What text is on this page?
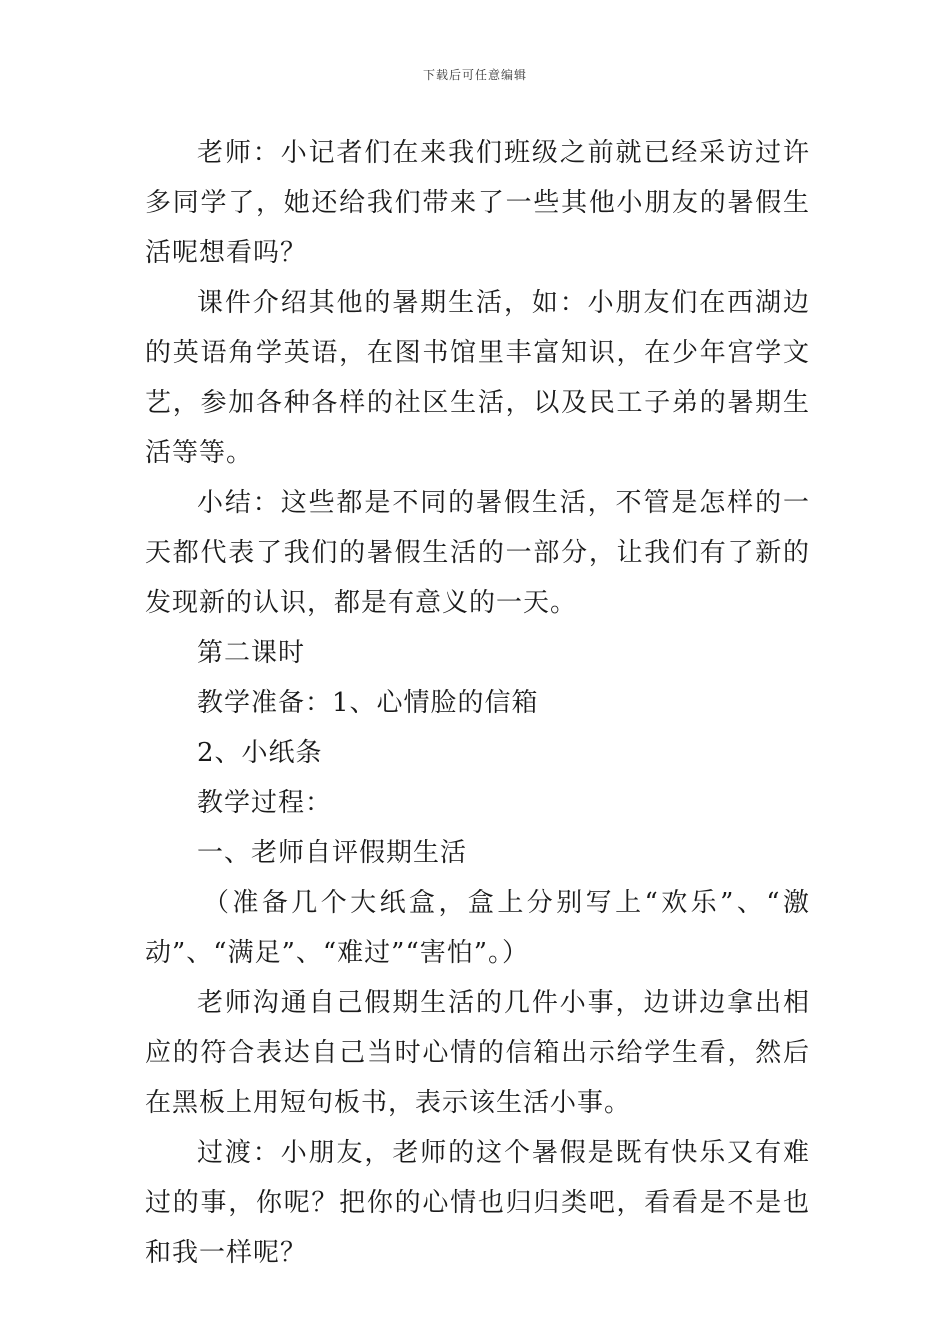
下载后可任意编辑

老师：小记者们在来我们班级之前就已经采访过许多同学了，她还给我们带来了一些其他小朋友的暑假生活呢想看吗？

课件介绍其他的暑期生活，如：小朋友们在西湖边的英语角学英语，在图书馆里丰富知识，在少年宫学文艺，参加各种各样的社区生活，以及民工子弟的暑期生活等等。

小结：这些都是不同的暑假生活，不管是怎样的一天都代表了我们的暑假生活的一部分，让我们有了新的发现新的认识，都是有意义的一天。

第二课时

教学准备：1、心情脸的信箱

2、小纸条

教学过程：

一、老师自评假期生活

（准备几个大纸盒，盒上分别写上“欢乐”、“激动”、“满足”、“难过”“害怕”。）

老师沟通自己假期生活的几件小事，边讲边拿出相应的符合表达自己当时心情的信箱出示给学生看，然后在黑板上用短句板书，表示该生活小事。

过渡：小朋友，老师的这个暑假是既有快乐又有难过的事，你呢？把你的心情也归归类吧，看看是不是也和我一样呢？
